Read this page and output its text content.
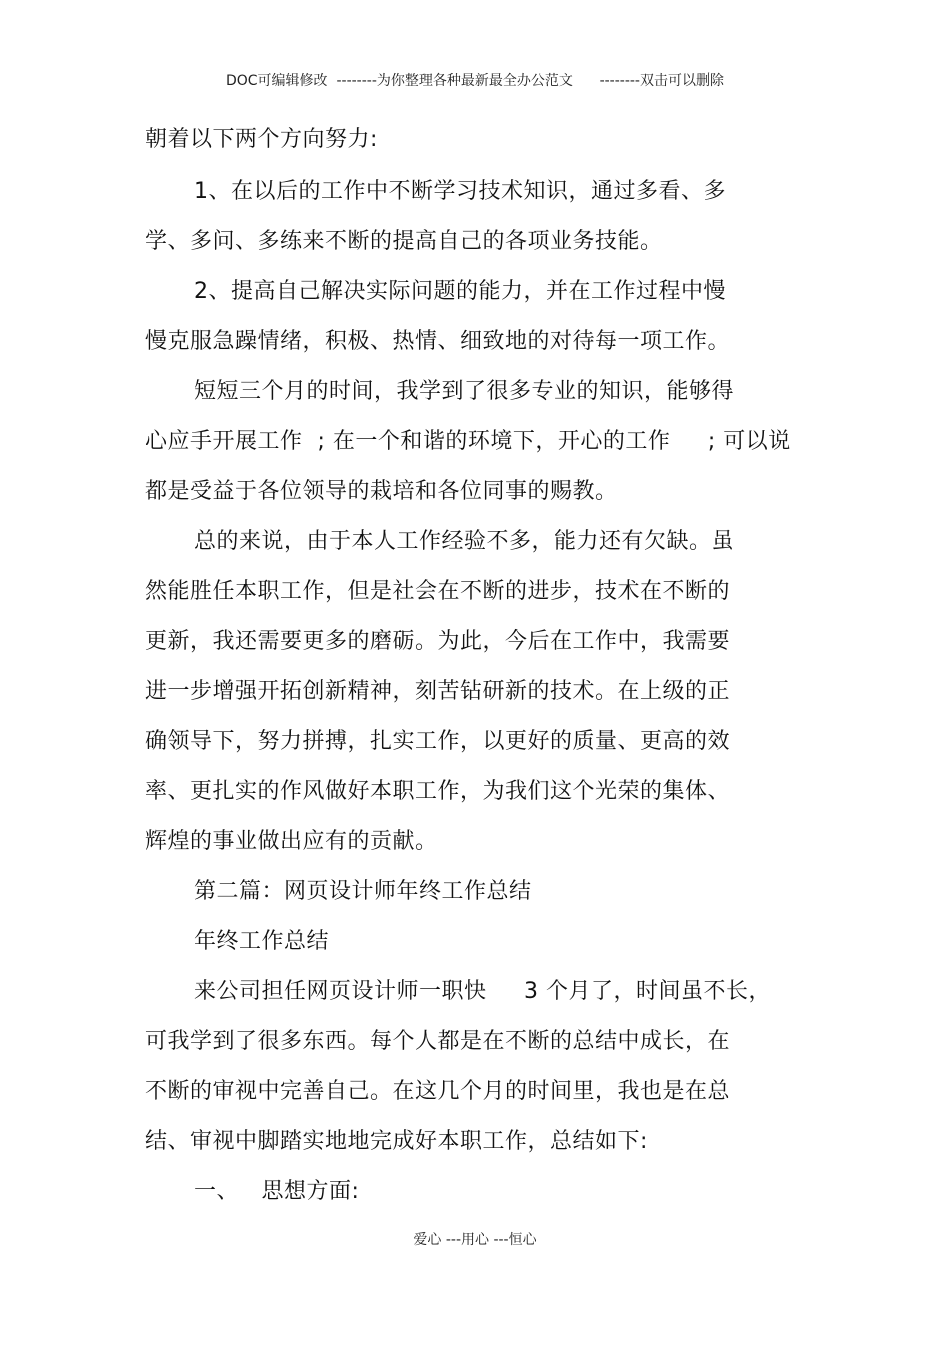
DOC可编辑修改  --------为你整理各种最新最全办公范文      --------双击可以删除
朝着以下两个方向努力:
1、在以后的工作中不断学习技术知识，通过多看、多
学、多问、多练来不断的提高自己的各项业务技能。
2、提高自己解决实际问题的能力，并在工作过程中慢
慢克服急躁情绪，积极、热情、细致地的对待每一项工作。
短短三个月的时间，我学到了很多专业的知识，能够得
心应手开展工作  ; 在一个和谐的环境下，开心的工作     ; 可以说
都是受益于各位领导的栽培和各位同事的赐教。
总的来说，由于本人工作经验不多，能力还有欠缺。虽
然能胜任本职工作，但是社会在不断的进步，技术在不断的
更新，我还需要更多的磨砺。为此，今后在工作中，我需要
进一步增强开拓创新精神，刻苦钻研新的技术。在上级的正
确领导下，努力拼搏，扎实工作，以更好的质量、更高的效
率、更扎实的作风做好本职工作，为我们这个光荣的集体、
辉煌的事业做出应有的贡献。
第二篇：网页设计师年终工作总结
年终工作总结
来公司担任网页设计师一职快     3 个月了，时间虽不长，
可我学到了很多东西。每个人都是在不断的总结中成长，在
不断的审视中完善自己。在这几个月的时间里，我也是在总
结、审视中脚踏实地地完成好本职工作，总结如下:
一、   思想方面:
爱心 ---用心 ---恒心
